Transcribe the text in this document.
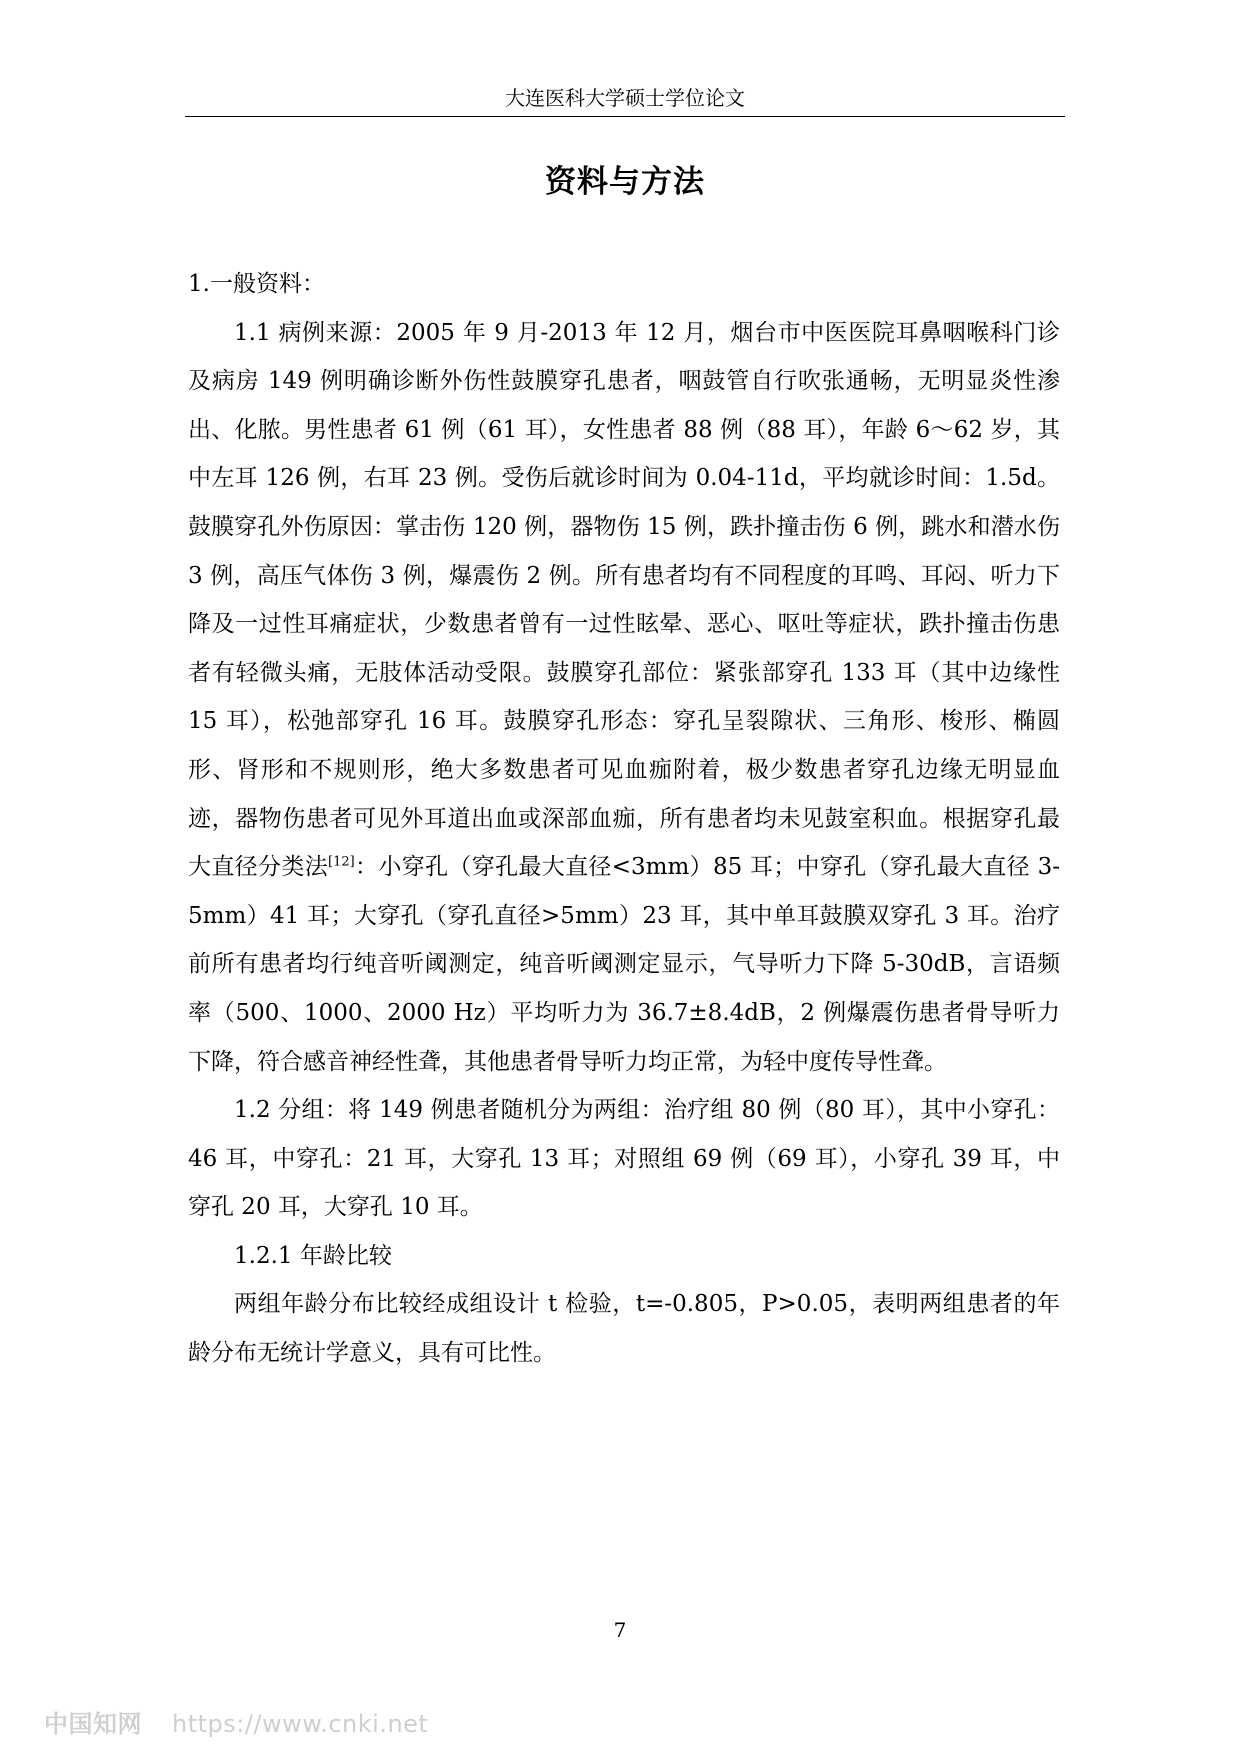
大连医科大学硕士学位论文
资料与方法

1.一般资料：

1.1 病例来源：2005 年 9 月-2013 年 12 月，烟台市中医医院耳鼻咽喉科门诊及病房 149 例明确诊断外伤性鼓膜穿孔患者，咽鼓管自行吹张通畅，无明显炎性渗出、化脓。男性患者 61 例（61 耳），女性患者 88 例（88 耳），年龄 6～62 岁，其中左耳 126 例，右耳 23 例。受伤后就诊时间为 0.04-11d，平均就诊时间：1.5d。鼓膜穿孔外伤原因：掌击伤 120 例，器物伤 15 例，跌扑撞击伤 6 例，跳水和潜水伤 3 例，高压气体伤 3 例，爆震伤 2 例。所有患者均有不同程度的耳鸣、耳闷、听力下降及一过性耳痛症状，少数患者曾有一过性眩晕、恶心、呕吐等症状，跌扑撞击伤患者有轻微头痛，无肢体活动受限。鼓膜穿孔部位：紧张部穿孔 133 耳（其中边缘性 15 耳），松弛部穿孔 16 耳。鼓膜穿孔形态：穿孔呈裂隙状、三角形、梭形、椭圆形、肾形和不规则形，绝大多数患者可见血痂附着，极少数患者穿孔边缘无明显血迹，器物伤患者可见外耳道出血或深部血痂，所有患者均未见鼓室积血。根据穿孔最大直径分类法[12]：小穿孔（穿孔最大直径<3mm）85 耳；中穿孔（穿孔最大直径 3-5mm）41 耳；大穿孔（穿孔直径>5mm）23 耳，其中单耳鼓膜双穿孔 3 耳。治疗前所有患者均行纯音听阈测定，纯音听阈测定显示，气导听力下降 5-30dB，言语频率（500、1000、2000 Hz）平均听力为 36.7±8.4dB，2 例爆震伤患者骨导听力下降，符合感音神经性聋，其他患者骨导听力均正常，为轻中度传导性聋。

1.2 分组：将 149 例患者随机分为两组：治疗组 80 例（80 耳），其中小穿孔：46 耳，中穿孔：21 耳，大穿孔 13 耳；对照组 69 例（69 耳），小穿孔 39 耳，中穿孔 20 耳，大穿孔 10 耳。

1.2.1 年龄比较

两组年龄分布比较经成组设计 t 检验，t=-0.805，P>0.05，表明两组患者的年龄分布无统计学意义，具有可比性。

7
中国知网 https://www.cnki.net
